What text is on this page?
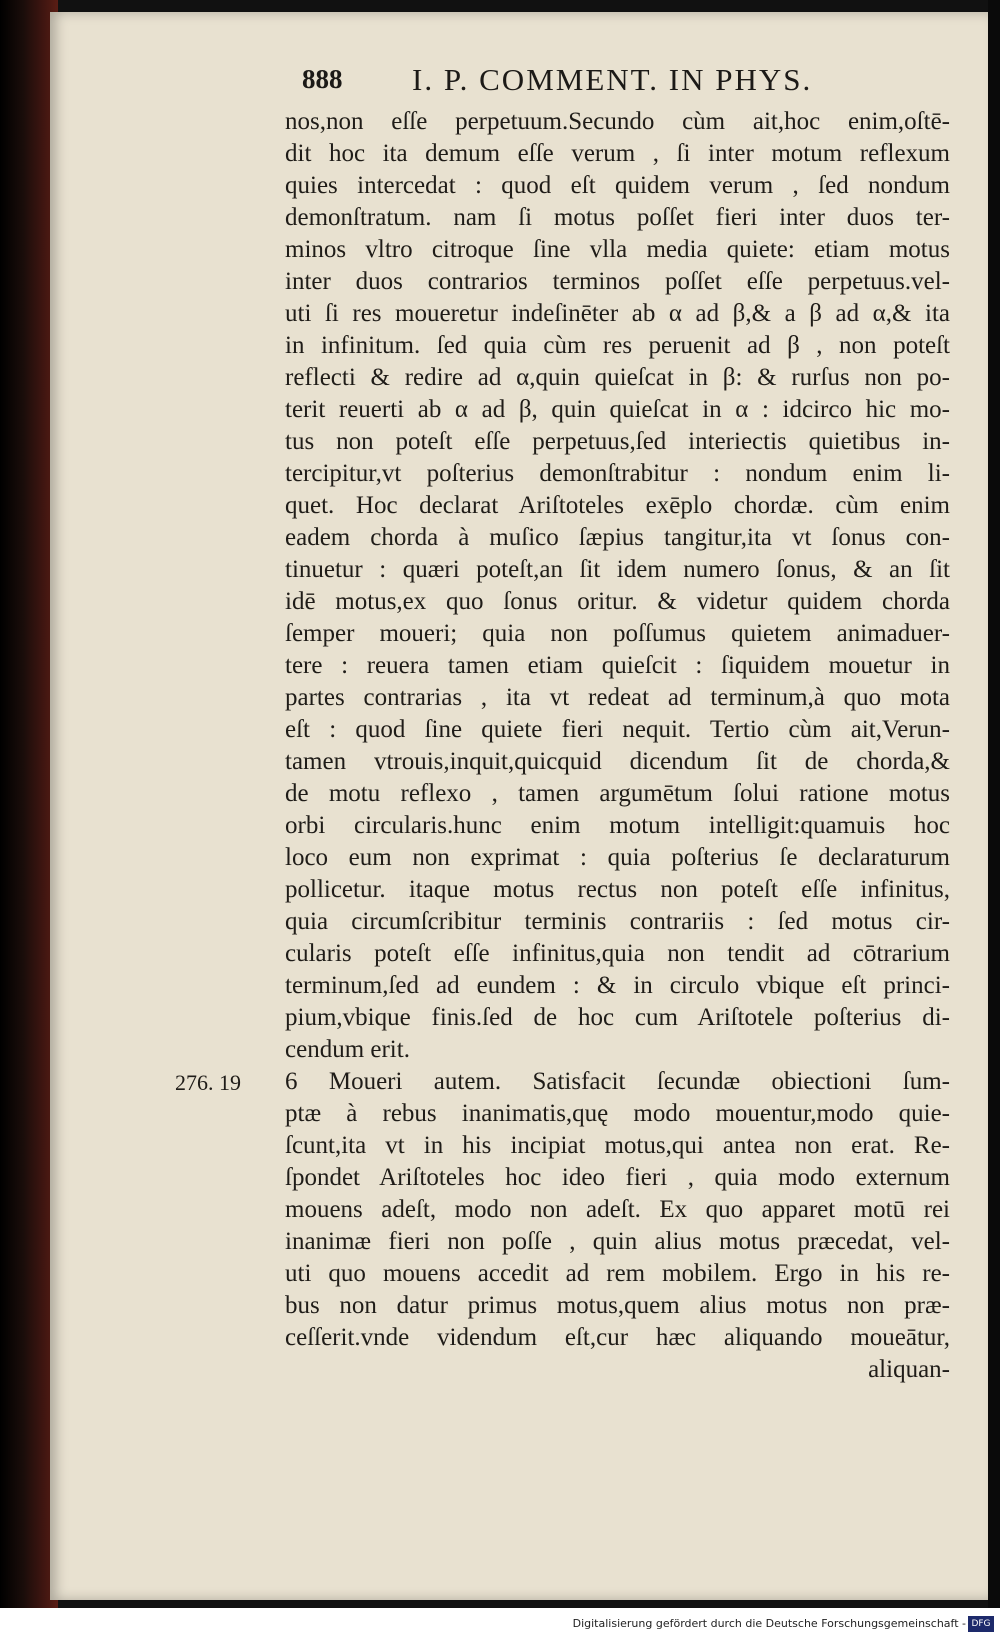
888 I. P. COMMENT. IN PHYS.
nos,non eſſe perpetuum.Secundo cùm ait,hoc enim,oſtē-
dit hoc ita demum eſſe verum , ſi inter motum reflexum
quies intercedat : quod eſt quidem verum , ſed nondum
demonſtratum. nam ſi motus poſſet fieri inter duos ter-
minos vltro citroque ſine vlla media quiete: etiam motus
inter duos contrarios terminos poſſet eſſe perpetuus.vel-
uti ſi res moueretur indeſinēter ab α ad β,& a β ad α,& ita
in infinitum. ſed quia cùm res peruenit ad β , non poteſt
reflecti & redire ad α,quin quieſcat in β: & rurſus non po-
terit reuerti ab α ad β, quin quieſcat in α : idcirco hic mo-
tus non poteſt eſſe perpetuus,ſed interiectis quietibus in-
tercipitur,vt poſterius demonſtrabitur : nondum enim li-
quet. Hoc declarat Ariſtoteles exēplo chordæ. cùm enim
eadem chorda à muſico ſæpius tangitur,ita vt ſonus con-
tinuetur : quæri poteſt,an ſit idem numero ſonus, & an ſit
idē motus,ex quo ſonus oritur. & videtur quidem chorda
ſemper moueri; quia non poſſumus quietem animaduer-
tere : reuera tamen etiam quieſcit : ſiquidem mouetur in
partes contrarias , ita vt redeat ad terminum,à quo mota
eſt : quod ſine quiete fieri nequit. Tertio cùm ait,Verun-
tamen vtrouis,inquit,quicquid dicendum ſit de chorda,&
de motu reflexo , tamen argumētum ſolui ratione motus
orbi circularis.hunc enim motum intelligit:quamuis hoc
loco eum non exprimat : quia poſterius ſe declaraturum
pollicetur. itaque motus rectus non poteſt eſſe infinitus,
quia circumſcribitur terminis contrariis : ſed motus cir-
cularis poteſt eſſe infinitus,quia non tendit ad cōtrarium
terminum,ſed ad eundem : & in circulo vbique eſt princi-
pium,vbique finis.ſed de hoc cum Ariſtotele poſterius di-
cendum erit.
6 Moueri autem. Satisfacit ſecundæ obiectioni ſum-
ptæ à rebus inanimatis,quę modo mouentur,modo quie-
ſcunt,ita vt in his incipiat motus,qui antea non erat. Re-
ſpondet Ariſtoteles hoc ideo fieri , quia modo externum
mouens adeſt, modo non adeſt. Ex quo apparet motū rei
inanimæ fieri non poſſe , quin alius motus præcedat, vel-
uti quo mouens accedit ad rem mobilem. Ergo in his re-
bus non datur primus motus,quem alius motus non præ-
ceſſerit.vnde videndum eſt,cur hæc aliquando moueātur,
aliquan-
276. 19
Digitalisierung gefördert durch die Deutsche Forschungsgemeinschaft - DFG
